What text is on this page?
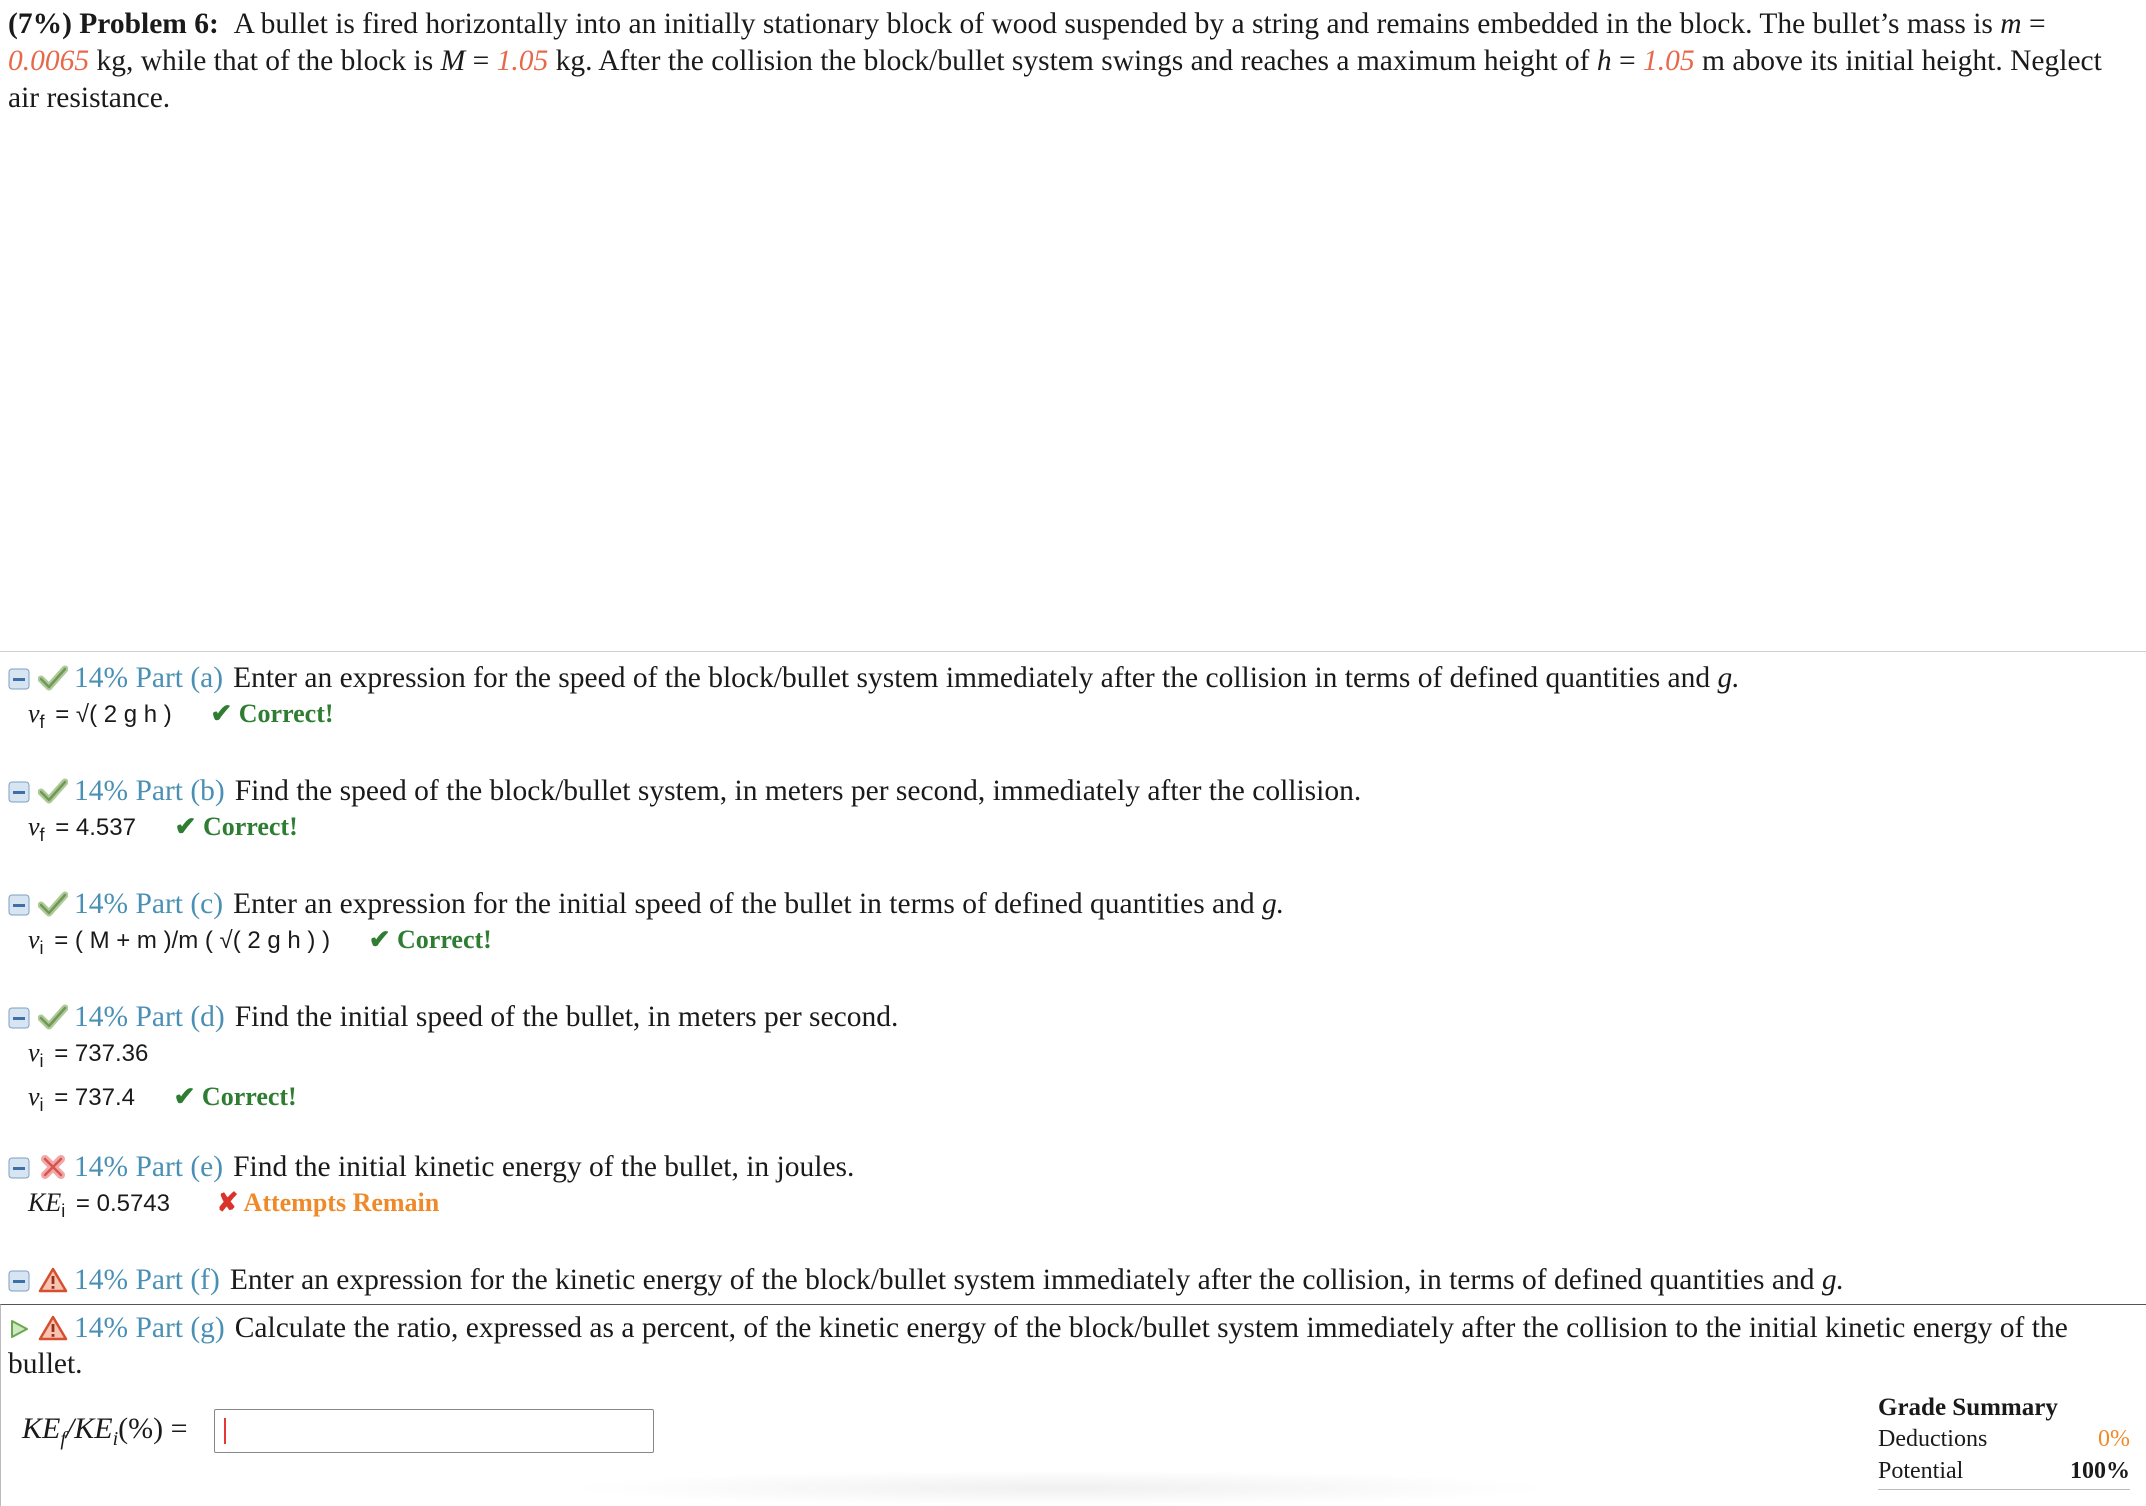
(7%) Problem 6: A bullet is fired horizontally into an initially stationary block of wood suspended by a string and remains embedded in the block. The bullet’s mass is m = 0.0065 kg, while that of the block is M = 1.05 kg. After the collision the block/bullet system swings and reaches a maximum height of h = 1.05 m above its initial height. Neglect air resistance.
14% Part (a) Enter an expression for the speed of the block/bullet system immediately after the collision in terms of defined quantities and g.
$v_f$ = √( 2 g h ) ✔ Correct!
14% Part (b) Find the speed of the block/bullet system, in meters per second, immediately after the collision.
$v_f = 4.537$ ✔ Correct!
14% Part (c) Enter an expression for the initial speed of the bullet in terms of defined quantities and g.
$v_i$ = ( M + m )/m ( √( 2 g h ) ) ✔ Correct!
14% Part (d) Find the initial speed of the bullet, in meters per second.
$v_i = 737.36$
$v_i = 737.4$ ✔ Correct!
14% Part (e) Find the initial kinetic energy of the bullet, in joules.
$KE_i = 0.5743$ ✘ Attempts Remain
14% Part (f) Enter an expression for the kinetic energy of the block/bullet system immediately after the collision, in terms of defined quantities and g.
14% Part (g) Calculate the ratio, expressed as a percent, of the kinetic energy of the block/bullet system immediately after the collision to the initial kinetic energy of the bullet.
$KE_f/KE_i(\%)$ =
Grade Summary
Deductions	0%
Potential	100%
